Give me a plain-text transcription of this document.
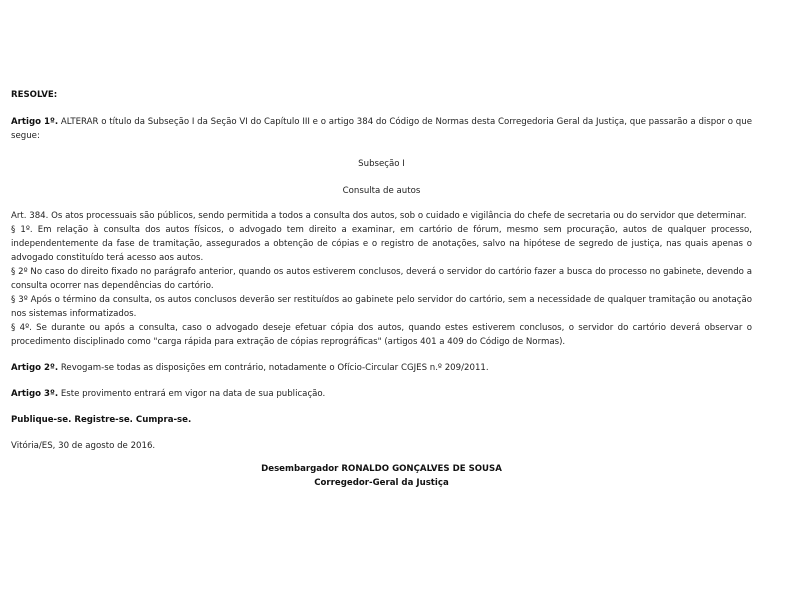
RESOLVE:

Artigo 1º. ALTERAR o título da Subseção I da Seção VI do Capítulo III e o artigo 384 do Código de Normas desta Corregedoria Geral da Justiça, que passarão a dispor o que segue:

Subseção I

Consulta de autos

Art. 384. Os atos processuais são públicos, sendo permitida a todos a consulta dos autos, sob o cuidado e vigilância do chefe de secretaria ou do servidor que determinar.

§ 1º. Em relação à consulta dos autos físicos, o advogado tem direito a examinar, em cartório de fórum, mesmo sem procuração, autos de qualquer processo, independentemente da fase de tramitação, assegurados a obtenção de cópias e o registro de anotações, salvo na hipótese de segredo de justiça, nas quais apenas o advogado constituído terá acesso aos autos.

§ 2º No caso do direito fixado no parágrafo anterior, quando os autos estiverem conclusos, deverá o servidor do cartório fazer a busca do processo no gabinete, devendo a consulta ocorrer nas dependências do cartório.

§ 3º Após o término da consulta, os autos conclusos deverão ser restituídos ao gabinete pelo servidor do cartório, sem a necessidade de qualquer tramitação ou anotação nos sistemas informatizados.

§ 4º. Se durante ou após a consulta, caso o advogado deseje efetuar cópia dos autos, quando estes estiverem conclusos, o servidor do cartório deverá observar o procedimento disciplinado como "carga rápida para extração de cópias reprográficas" (artigos 401 a 409 do Código de Normas).

Artigo 2º. Revogam-se todas as disposições em contrário, notadamente o Ofício-Circular CGJES n.º 209/2011.

Artigo 3º. Este provimento entrará em vigor na data de sua publicação.

Publique-se. Registre-se. Cumpra-se.

Vitória/ES, 30 de agosto de 2016.

Desembargador RONALDO GONÇALVES DE SOUSA
Corregedor-Geral da Justiça
